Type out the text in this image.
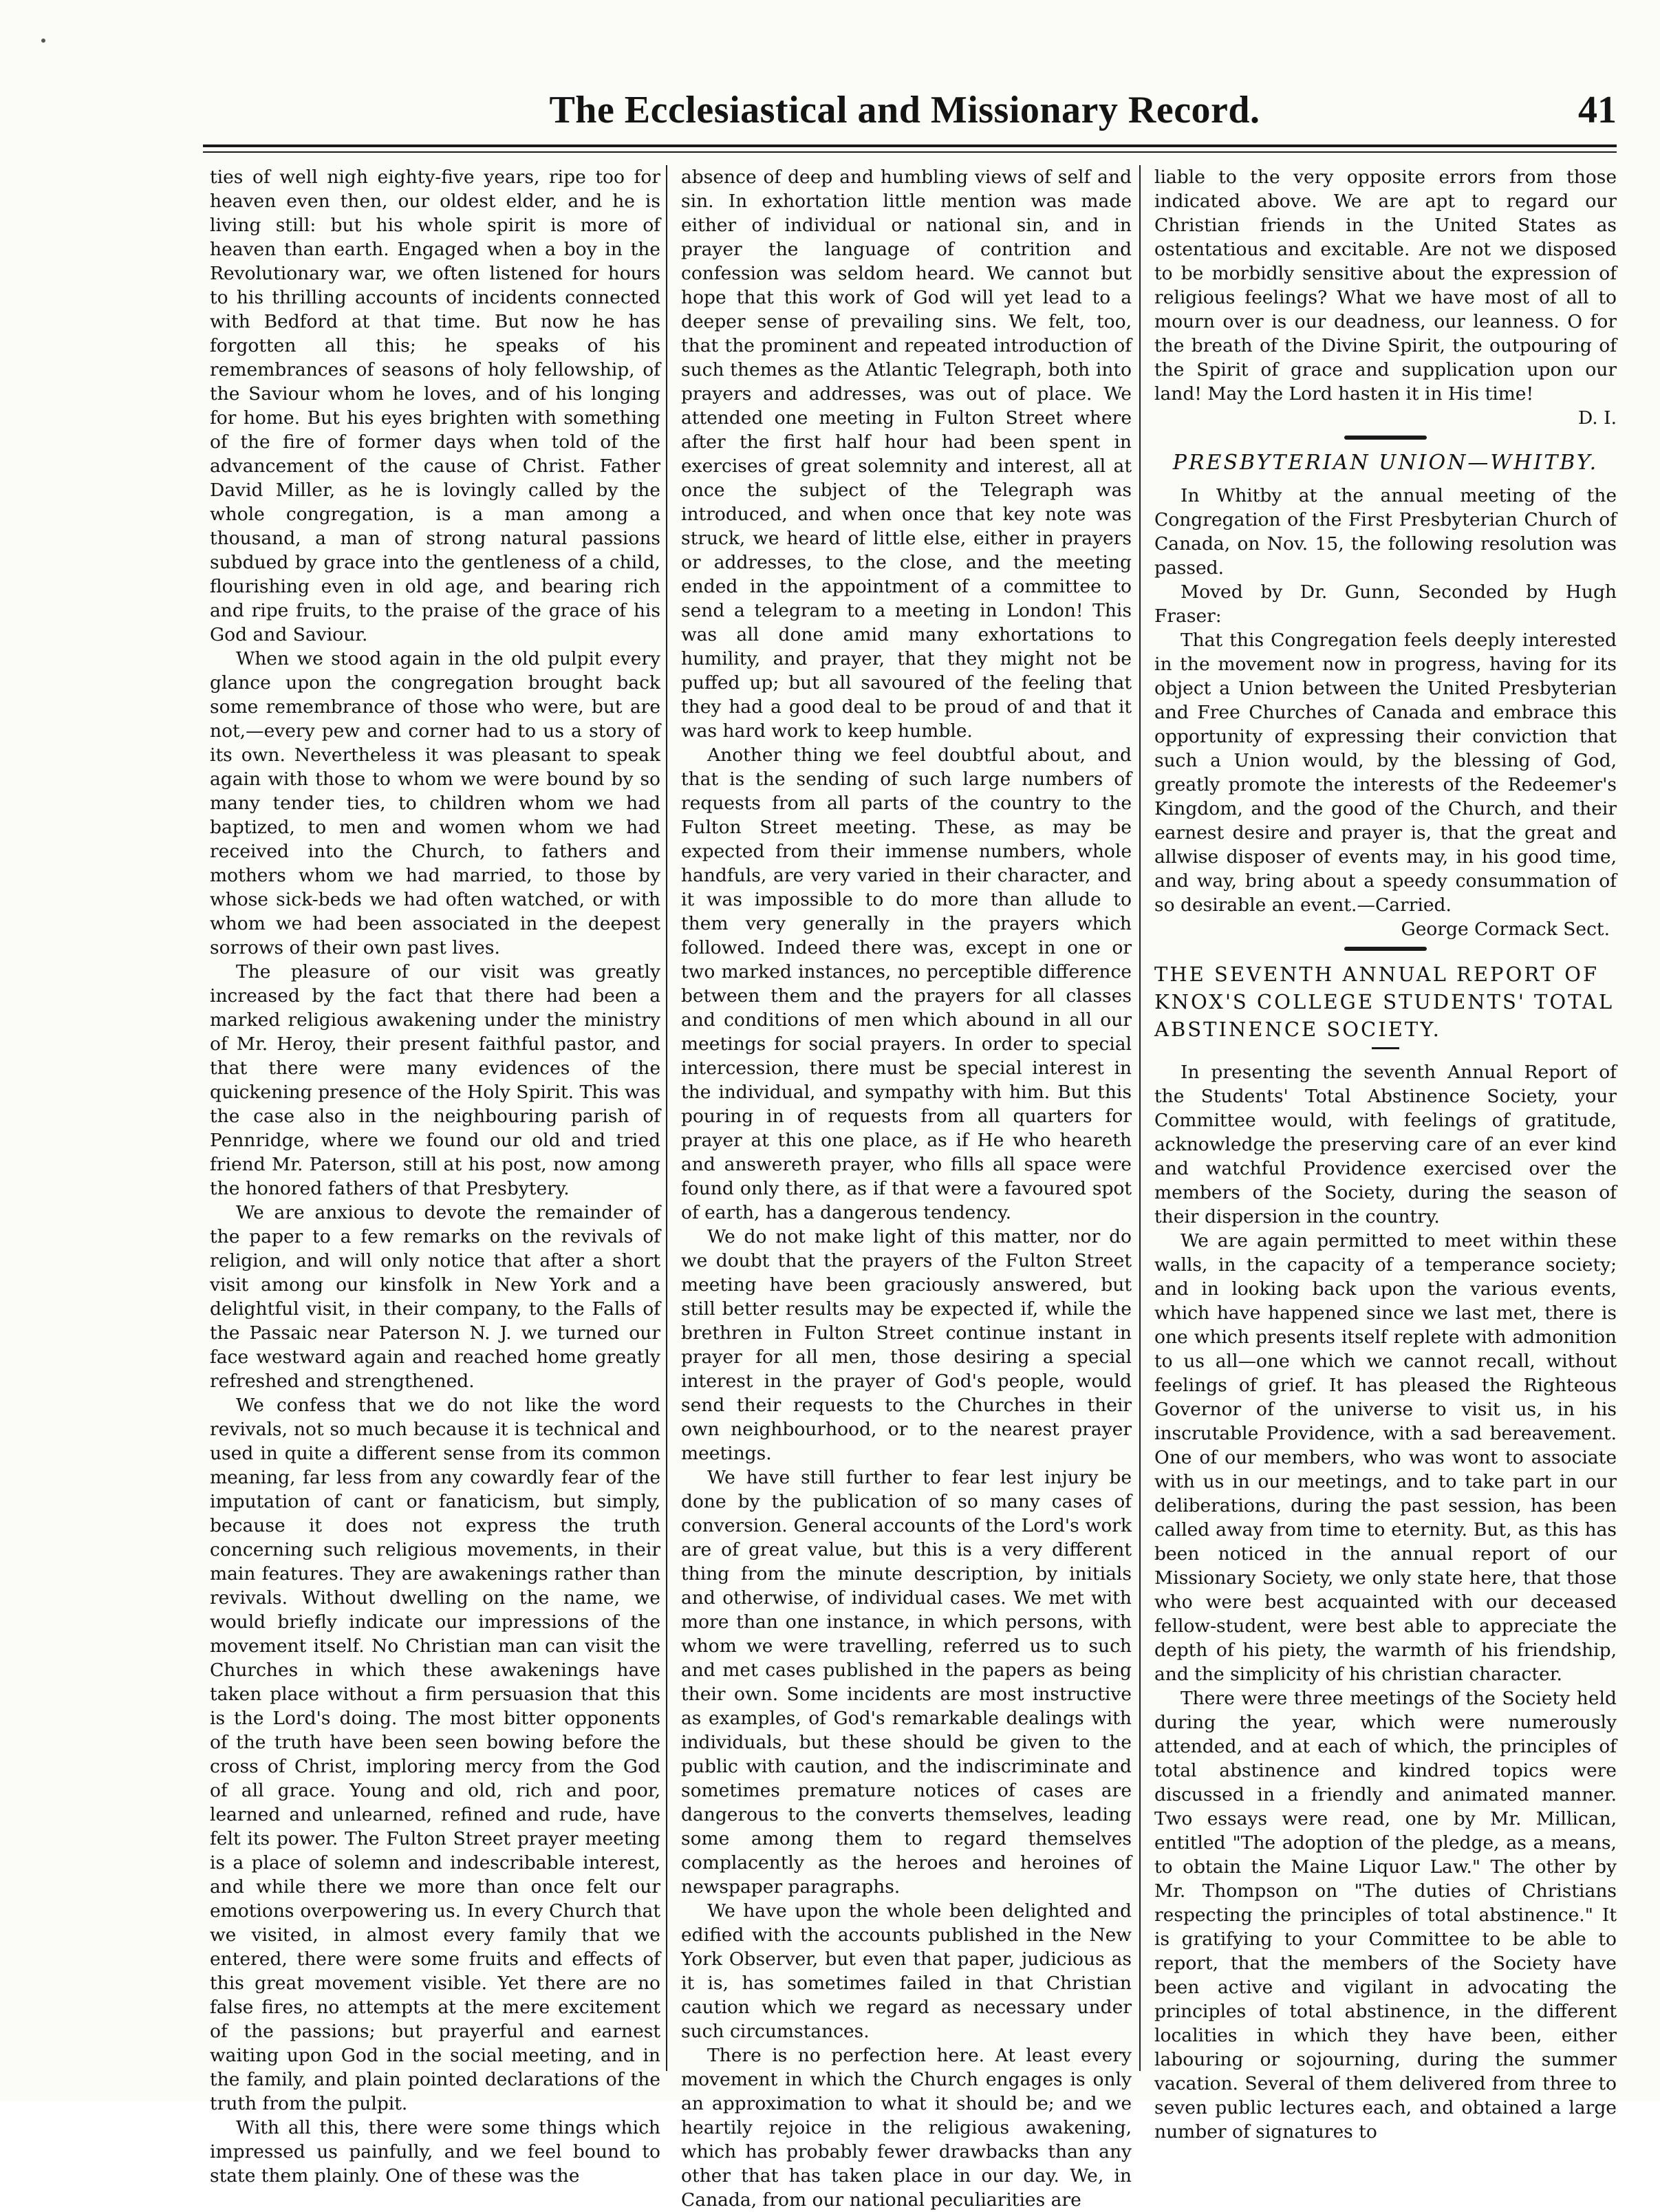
The Ecclesiastical and Missionary Record.	41

ties of well nigh eighty-five years, ripe too for heaven even then, our oldest elder, and he is living still: but his whole spirit is more of heaven than earth. Engaged when a boy in the Revolutionary war, we often listened for hours to his thrilling accounts of incidents connected with Bedford at that time. But now he has forgotten all this; he speaks of his remembrances of seasons of holy fellowship, of the Saviour whom he loves, and of his longing for home. But his eyes brighten with something of the fire of former days when told of the advancement of the cause of Christ. Father David Miller, as he is lovingly called by the whole congregation, is a man among a thousand, a man of strong natural passions subdued by grace into the gentleness of a child, flourishing even in old age, and bearing rich and ripe fruits, to the praise of the grace of his God and Saviour.

When we stood again in the old pulpit every glance upon the congregation brought back some remembrance of those who were, but are not,—every pew and corner had to us a story of its own. Nevertheless it was pleasant to speak again with those to whom we were bound by so many tender ties, to children whom we had baptized, to men and women whom we had received into the Church, to fathers and mothers whom we had married, to those by whose sick-beds we had often watched, or with whom we had been associated in the deepest sorrows of their own past lives.

The pleasure of our visit was greatly increased by the fact that there had been a marked religious awakening under the ministry of Mr. Heroy, their present faithful pastor, and that there were many evidences of the quickening presence of the Holy Spirit. This was the case also in the neighbouring parish of Pennridge, where we found our old and tried friend Mr. Paterson, still at his post, now among the honored fathers of that Presbytery.

We are anxious to devote the remainder of the paper to a few remarks on the revivals of religion, and will only notice that after a short visit among our kinsfolk in New York and a delightful visit, in their company, to the Falls of the Passaic near Paterson N. J. we turned our face westward again and reached home greatly refreshed and strengthened.

We confess that we do not like the word revivals, not so much because it is technical and used in quite a different sense from its common meaning, far less from any cowardly fear of the imputation of cant or fanaticism, but simply, because it does not express the truth concerning such religious movements, in their main features. They are awakenings rather than revivals. Without dwelling on the name, we would briefly indicate our impressions of the movement itself. No Christian man can visit the Churches in which these awakenings have taken place without a firm persuasion that this is the Lord's doing. The most bitter opponents of the truth have been seen bowing before the cross of Christ, imploring mercy from the God of all grace. Young and old, rich and poor, learned and unlearned, refined and rude, have felt its power. The Fulton Street prayer meeting is a place of solemn and indescribable interest, and while there we more than once felt our emotions overpowering us. In every Church that we visited, in almost every family that we entered, there were some fruits and effects of this great movement visible. Yet there are no false fires, no attempts at the mere excitement of the passions; but prayerful and earnest waiting upon God in the social meeting, and in the family, and plain pointed declarations of the truth from the pulpit.

With all this, there were some things which impressed us painfully, and we feel bound to state them plainly. One of these was the

absence of deep and humbling views of self and sin. In exhortation little mention was made either of individual or national sin, and in prayer the language of contrition and confession was seldom heard. We cannot but hope that this work of God will yet lead to a deeper sense of prevailing sins. We felt, too, that the prominent and repeated introduction of such themes as the Atlantic Telegraph, both into prayers and addresses, was out of place. We attended one meeting in Fulton Street where after the first half hour had been spent in exercises of great solemnity and interest, all at once the subject of the Telegraph was introduced, and when once that key note was struck, we heard of little else, either in prayers or addresses, to the close, and the meeting ended in the appointment of a committee to send a telegram to a meeting in London! This was all done amid many exhortations to humility, and prayer, that they might not be puffed up; but all savoured of the feeling that they had a good deal to be proud of and that it was hard work to keep humble.

Another thing we feel doubtful about, and that is the sending of such large numbers of requests from all parts of the country to the Fulton Street meeting. These, as may be expected from their immense numbers, whole handfuls, are very varied in their character, and it was impossible to do more than allude to them very generally in the prayers which followed. Indeed there was, except in one or two marked instances, no perceptible difference between them and the prayers for all classes and conditions of men which abound in all our meetings for social prayers. In order to special intercession, there must be special interest in the individual, and sympathy with him. But this pouring in of requests from all quarters for prayer at this one place, as if He who heareth and answereth prayer, who fills all space were found only there, as if that were a favoured spot of earth, has a dangerous tendency.

We do not make light of this matter, nor do we doubt that the prayers of the Fulton Street meeting have been graciously answered, but still better results may be expected if, while the brethren in Fulton Street continue instant in prayer for all men, those desiring a special interest in the prayer of God's people, would send their requests to the Churches in their own neighbourhood, or to the nearest prayer meetings.

We have still further to fear lest injury be done by the publication of so many cases of conversion. General accounts of the Lord's work are of great value, but this is a very different thing from the minute description, by initials and otherwise, of individual cases. We met with more than one instance, in which persons, with whom we were travelling, referred us to such and met cases published in the papers as being their own. Some incidents are most instructive as examples, of God's remarkable dealings with individuals, but these should be given to the public with caution, and the indiscriminate and sometimes premature notices of cases are dangerous to the converts themselves, leading some among them to regard themselves complacently as the heroes and heroines of newspaper paragraphs.

We have upon the whole been delighted and edified with the accounts published in the New York Observer, but even that paper, judicious as it is, has sometimes failed in that Christian caution which we regard as necessary under such circumstances.

There is no perfection here. At least every movement in which the Church engages is only an approximation to what it should be; and we heartily rejoice in the religious awakening, which has probably fewer drawbacks than any other that has taken place in our day. We, in Canada, from our national peculiarities are

liable to the very opposite errors from those indicated above. We are apt to regard our Christian friends in the United States as ostentatious and excitable. Are not we disposed to be morbidly sensitive about the expression of religious feelings? What we have most of all to mourn over is our deadness, our leanness. O for the breath of the Divine Spirit, the outpouring of the Spirit of grace and supplication upon our land! May the Lord hasten it in His time!

D. I.

PRESBYTERIAN UNION—WHITBY.

In Whitby at the annual meeting of the Congregation of the First Presbyterian Church of Canada, on Nov. 15, the following resolution was passed.

Moved by Dr. Gunn, Seconded by Hugh Fraser:

That this Congregation feels deeply interested in the movement now in progress, having for its object a Union between the United Presbyterian and Free Churches of Canada and embrace this opportunity of expressing their conviction that such a Union would, by the blessing of God, greatly promote the interests of the Redeemer's Kingdom, and the good of the Church, and their earnest desire and prayer is, that the great and allwise disposer of events may, in his good time, and way, bring about a speedy consummation of so desirable an event.—Carried.

George Cormack Sect.

THE SEVENTH ANNUAL REPORT OF KNOX'S COLLEGE STUDENTS' TOTAL ABSTINENCE SOCIETY.

In presenting the seventh Annual Report of the Students' Total Abstinence Society, your Committee would, with feelings of gratitude, acknowledge the preserving care of an ever kind and watchful Providence exercised over the members of the Society, during the season of their dispersion in the country.

We are again permitted to meet within these walls, in the capacity of a temperance society; and in looking back upon the various events, which have happened since we last met, there is one which presents itself replete with admonition to us all—one which we cannot recall, without feelings of grief. It has pleased the Righteous Governor of the universe to visit us, in his inscrutable Providence, with a sad bereavement. One of our members, who was wont to associate with us in our meetings, and to take part in our deliberations, during the past session, has been called away from time to eternity. But, as this has been noticed in the annual report of our Missionary Society, we only state here, that those who were best acquainted with our deceased fellow-student, were best able to appreciate the depth of his piety, the warmth of his friendship, and the simplicity of his christian character.

There were three meetings of the Society held during the year, which were numerously attended, and at each of which, the principles of total abstinence and kindred topics were discussed in a friendly and animated manner. Two essays were read, one by Mr. Millican, entitled "The adoption of the pledge, as a means, to obtain the Maine Liquor Law." The other by Mr. Thompson on "The duties of Christians respecting the principles of total abstinence." It is gratifying to your Committee to be able to report, that the members of the Society have been active and vigilant in advocating the principles of total abstinence, in the different localities in which they have been, either labouring or sojourning, during the summer vacation. Several of them delivered from three to seven public lectures each, and obtained a large number of signatures to
